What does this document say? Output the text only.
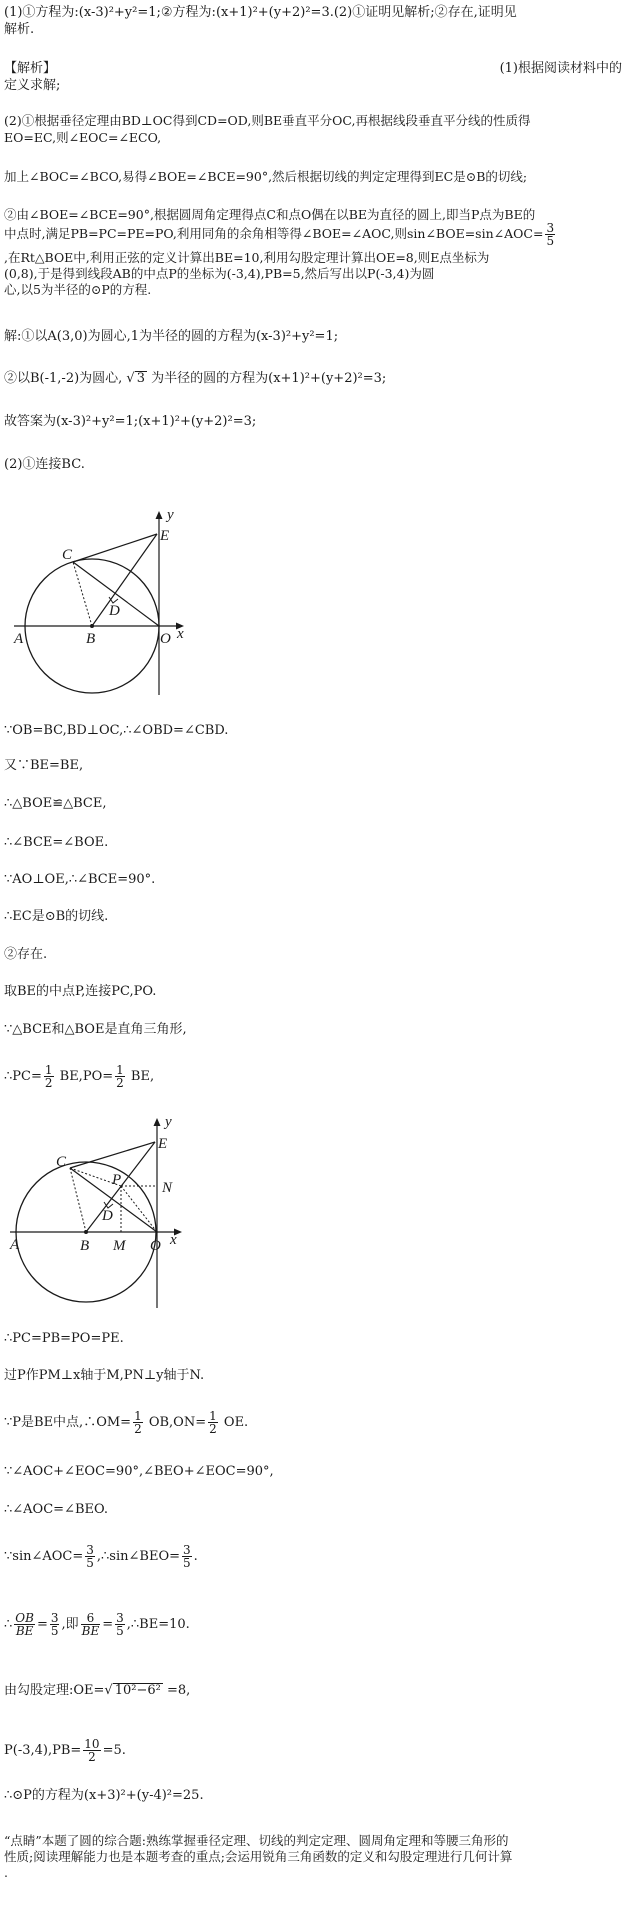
(1)①方程为:(x-3)²+y²=1;②方程为:(x+1)²+(y+2)²=3.(2)①证明见解析;②存在,证明见
解析.
【解析】	(1)根据阅读材料中的
定义求解;
(2)①根据垂径定理由BD⊥OC得到CD=OD,则BE垂直平分OC,再根据线段垂直平分线的性质得
EO=EC,则∠EOC=∠ECO,
加上∠BOC=∠BCO,易得∠BOE=∠BCE=90°,然后根据切线的判定定理得到EC是⊙B的切线;
②由∠BOE=∠BCE=90°,根据圆周角定理得点C和点O偶在以BE为直径的圆上,即当P点为BE的
中点时,满足PB=PC=PE=PO,利用同角的余角相等得∠BOE=∠AOC,则sin∠BOE=sin∠AOC= $\frac{3}{5}$
,在Rt△BOE中,利用正弦的定义计算出BE=10,利用勾股定理计算出OE=8,则E点坐标为
(0,8),于是得到线段AB的中点P的坐标为(-3,4),PB=5,然后写出以P(-3,4)为圆
心,以5为半径的⊙P的方程.
解:①以A(3,0)为圆心,1为半径的圆的方程为(x-3)²+y²=1;
②以B(-1,-2)为圆心, √ 3 为半径的圆的方程为(x+1)²+(y+2)²=3;
故答案为(x-3)²+y²=1;(x+1)²+(y+2)²=3;
(2)①连接BC.
y
E
C
D
A	B	O x
∵OB=BC,BD⊥OC,∴∠OBD=∠CBD.
又∵BE=BE,
∴△BOE≌△BCE,
∴∠BCE=∠BOE.
∵AO⊥OE,∴∠BCE=90°.
∴EC是⊙B的切线.
②存在.
取BE的中点P,连接PC,PO.
∵△BCE和△BOE是直角三角形,
∴PC= $\frac{1}{2} BE,PO= \frac{1}{2}$ BE,
y
E
C
P	N
D
A	B M O x
∴PC=PB=PO=PE.
过P作PM⊥x轴于M,PN⊥y轴于N.
∵P是BE中点,∴OM= $\frac{1}{2} OB,ON= \frac{1}{2}$ OE.
∵∠AOC+∠EOC=90°,∠BEO+∠EOC=90°,
∴∠AOC=∠BEO.
∵sin∠AOC= $\frac{3}{5}$ ,∴sin∠BEO= $\frac{3}{5}$ .
∴ $\frac{OB}{BE} = \frac{3}{5}$ ,即 $\frac{6}{BE} = \frac{3}{5}$ ,∴BE=10.
由勾股定理:OE=√ 10²−6² =8,
$P(-3,4),PB= \frac{10}{2} =5$.
∴⊙P的方程为(x+3)²+(y-4)²=25.
“点睛”本题了圆的综合题:熟练掌握垂径定理、切线的判定定理、圆周角定理和等腰三角形的
性质;阅读理解能力也是本题考查的重点;会运用锐角三角函数的定义和勾股定理进行几何计算
.
